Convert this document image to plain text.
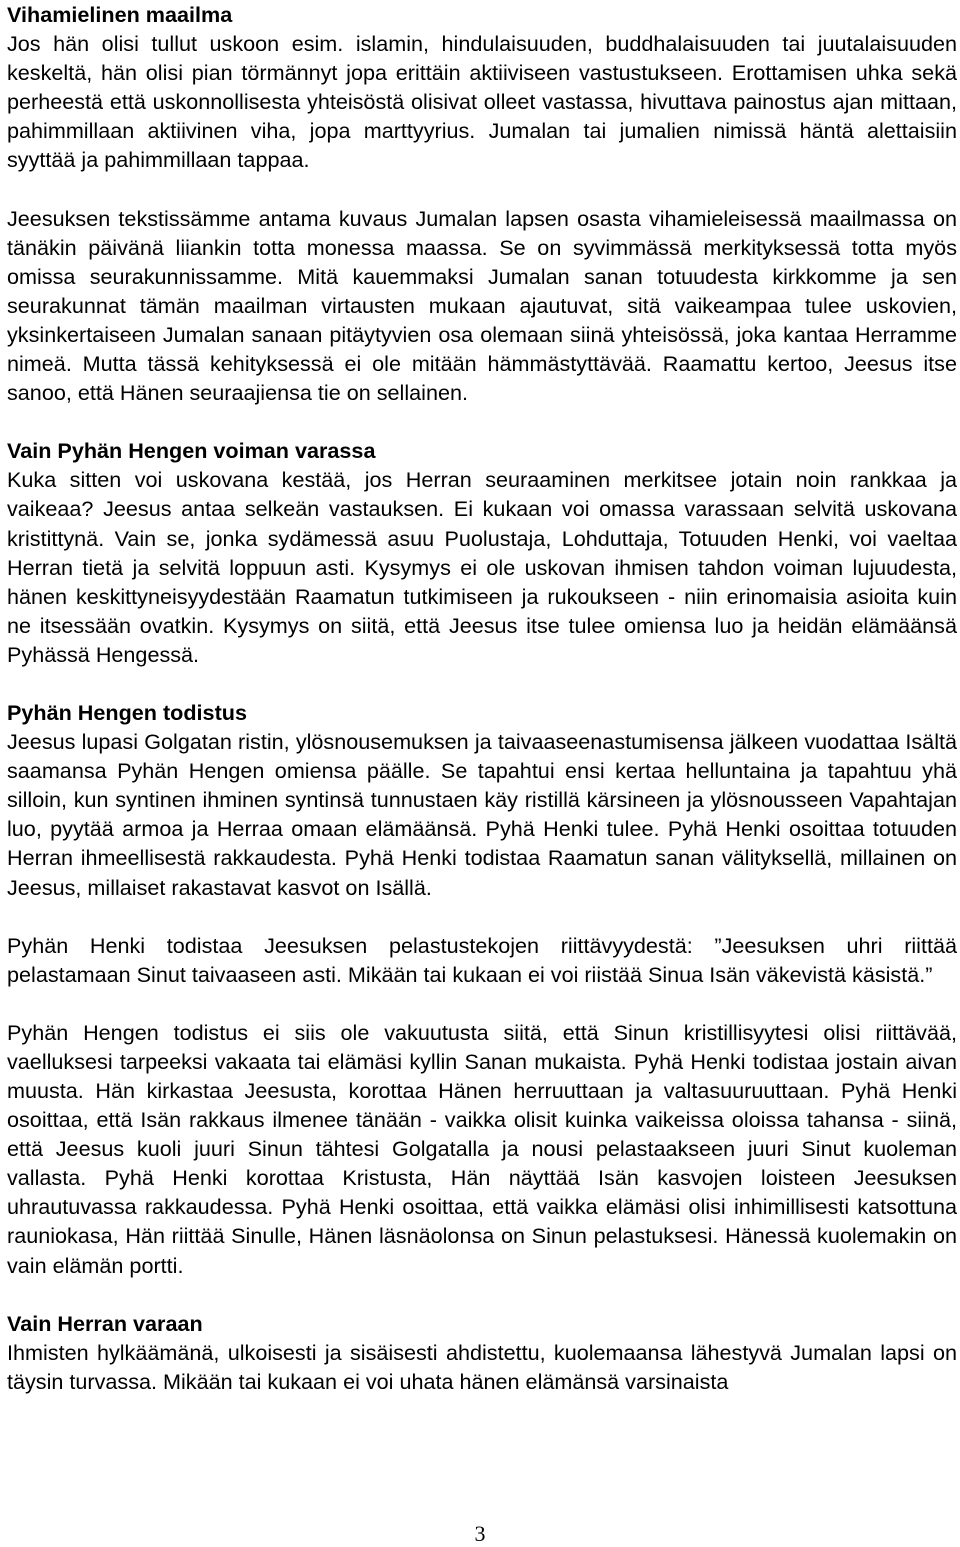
Vihamielinen maailma

Jos hän olisi tullut uskoon esim. islamin, hindulaisuuden, buddhalaisuuden tai juutalaisuuden keskeltä, hän olisi pian törmännyt jopa erittäin aktiiviseen vastustukseen. Erottamisen uhka sekä perheestä että uskonnollisesta yhteisöstä olisivat olleet vastassa, hivuttava painostus ajan mittaan, pahimmillaan aktiivinen viha, jopa marttyyrius. Jumalan tai jumalien nimissä häntä alettaisiin syyttää ja pahimmillaan tappaa.

Jeesuksen tekstissämme antama kuvaus Jumalan lapsen osasta vihamieleisessä maailmassa on tänäkin päivänä liiankin totta monessa maassa. Se on syvimmässä merkityksessä totta myös omissa seurakunnissamme. Mitä kauemmaksi Jumalan sanan totuudesta kirkkomme ja sen seurakunnat tämän maailman virtausten mukaan ajautuvat, sitä vaikeampaa tulee uskovien, yksinkertaiseen Jumalan sanaan pitäytyvien osa olemaan siinä yhteisössä, joka kantaa Herramme nimeä. Mutta tässä kehityksessä ei ole mitään hämmästyttävää. Raamattu kertoo, Jeesus itse sanoo, että Hänen seuraajiensa tie on sellainen.

Vain Pyhän Hengen voiman varassa

Kuka sitten voi uskovana kestää, jos Herran seuraaminen merkitsee jotain noin rankkaa ja vaikeaa? Jeesus antaa selkeän vastauksen. Ei kukaan voi omassa varassaan selvitä uskovana kristittynä. Vain se, jonka sydämessä asuu Puolustaja, Lohduttaja, Totuuden Henki, voi vaeltaa Herran tietä ja selvitä loppuun asti. Kysymys ei ole uskovan ihmisen tahdon voiman lujuudesta, hänen keskittyneisyydestään Raamatun tutkimiseen ja rukoukseen - niin erinomaisia asioita kuin ne itsessään ovatkin. Kysymys on siitä, että Jeesus itse tulee omiensa luo ja heidän elämäänsä Pyhässä Hengessä.

Pyhän Hengen todistus

Jeesus lupasi Golgatan ristin, ylösnousemuksen ja taivaaseenastumisensa jälkeen vuodattaa Isältä saamansa Pyhän Hengen omiensa päälle. Se tapahtui ensi kertaa helluntaina ja tapahtuu yhä silloin, kun syntinen ihminen syntinsä tunnustaen käy ristillä kärsineen ja ylösnousseen Vapahtajan luo, pyytää armoa ja Herraa omaan elämäänsä. Pyhä Henki tulee. Pyhä Henki osoittaa totuuden Herran ihmeellisestä rakkaudesta. Pyhä Henki todistaa Raamatun sanan välityksellä, millainen on Jeesus, millaiset rakastavat kasvot on Isällä.

Pyhän Henki todistaa Jeesuksen pelastustekojen riittävyydestä: ”Jeesuksen uhri riittää pelastamaan Sinut taivaaseen asti. Mikään tai kukaan ei voi riistää Sinua Isän väkevistä käsistä.”

Pyhän Hengen todistus ei siis ole vakuutusta siitä, että Sinun kristillisyytesi olisi riittävää, vaelluksesi tarpeeksi vakaata tai elämäsi kyllin Sanan mukaista. Pyhä Henki todistaa jostain aivan muusta. Hän kirkastaa Jeesusta, korottaa Hänen herruuttaan ja valtasuuruuttaan. Pyhä Henki osoittaa, että Isän rakkaus ilmenee tänään - vaikka olisit kuinka vaikeissa oloissa tahansa - siinä, että Jeesus kuoli juuri Sinun tähtesi Golgatalla ja nousi pelastaakseen juuri Sinut kuoleman vallasta. Pyhä Henki korottaa Kristusta, Hän näyttää Isän kasvojen loisteen Jeesuksen uhrautuvassa rakkaudessa. Pyhä Henki osoittaa, että vaikka elämäsi olisi inhimillisesti katsottuna rauniokasa, Hän riittää Sinulle, Hänen läsnäolonsa on Sinun pelastuksesi. Hänessä kuolemakin on vain elämän portti.

Vain Herran varaan

Ihmisten hylkäämänä, ulkoisesti ja sisäisesti ahdistettu, kuolemaansa lähestyvä Jumalan lapsi on täysin turvassa. Mikään tai kukaan ei voi uhata hänen elämänsä varsinaista

3
